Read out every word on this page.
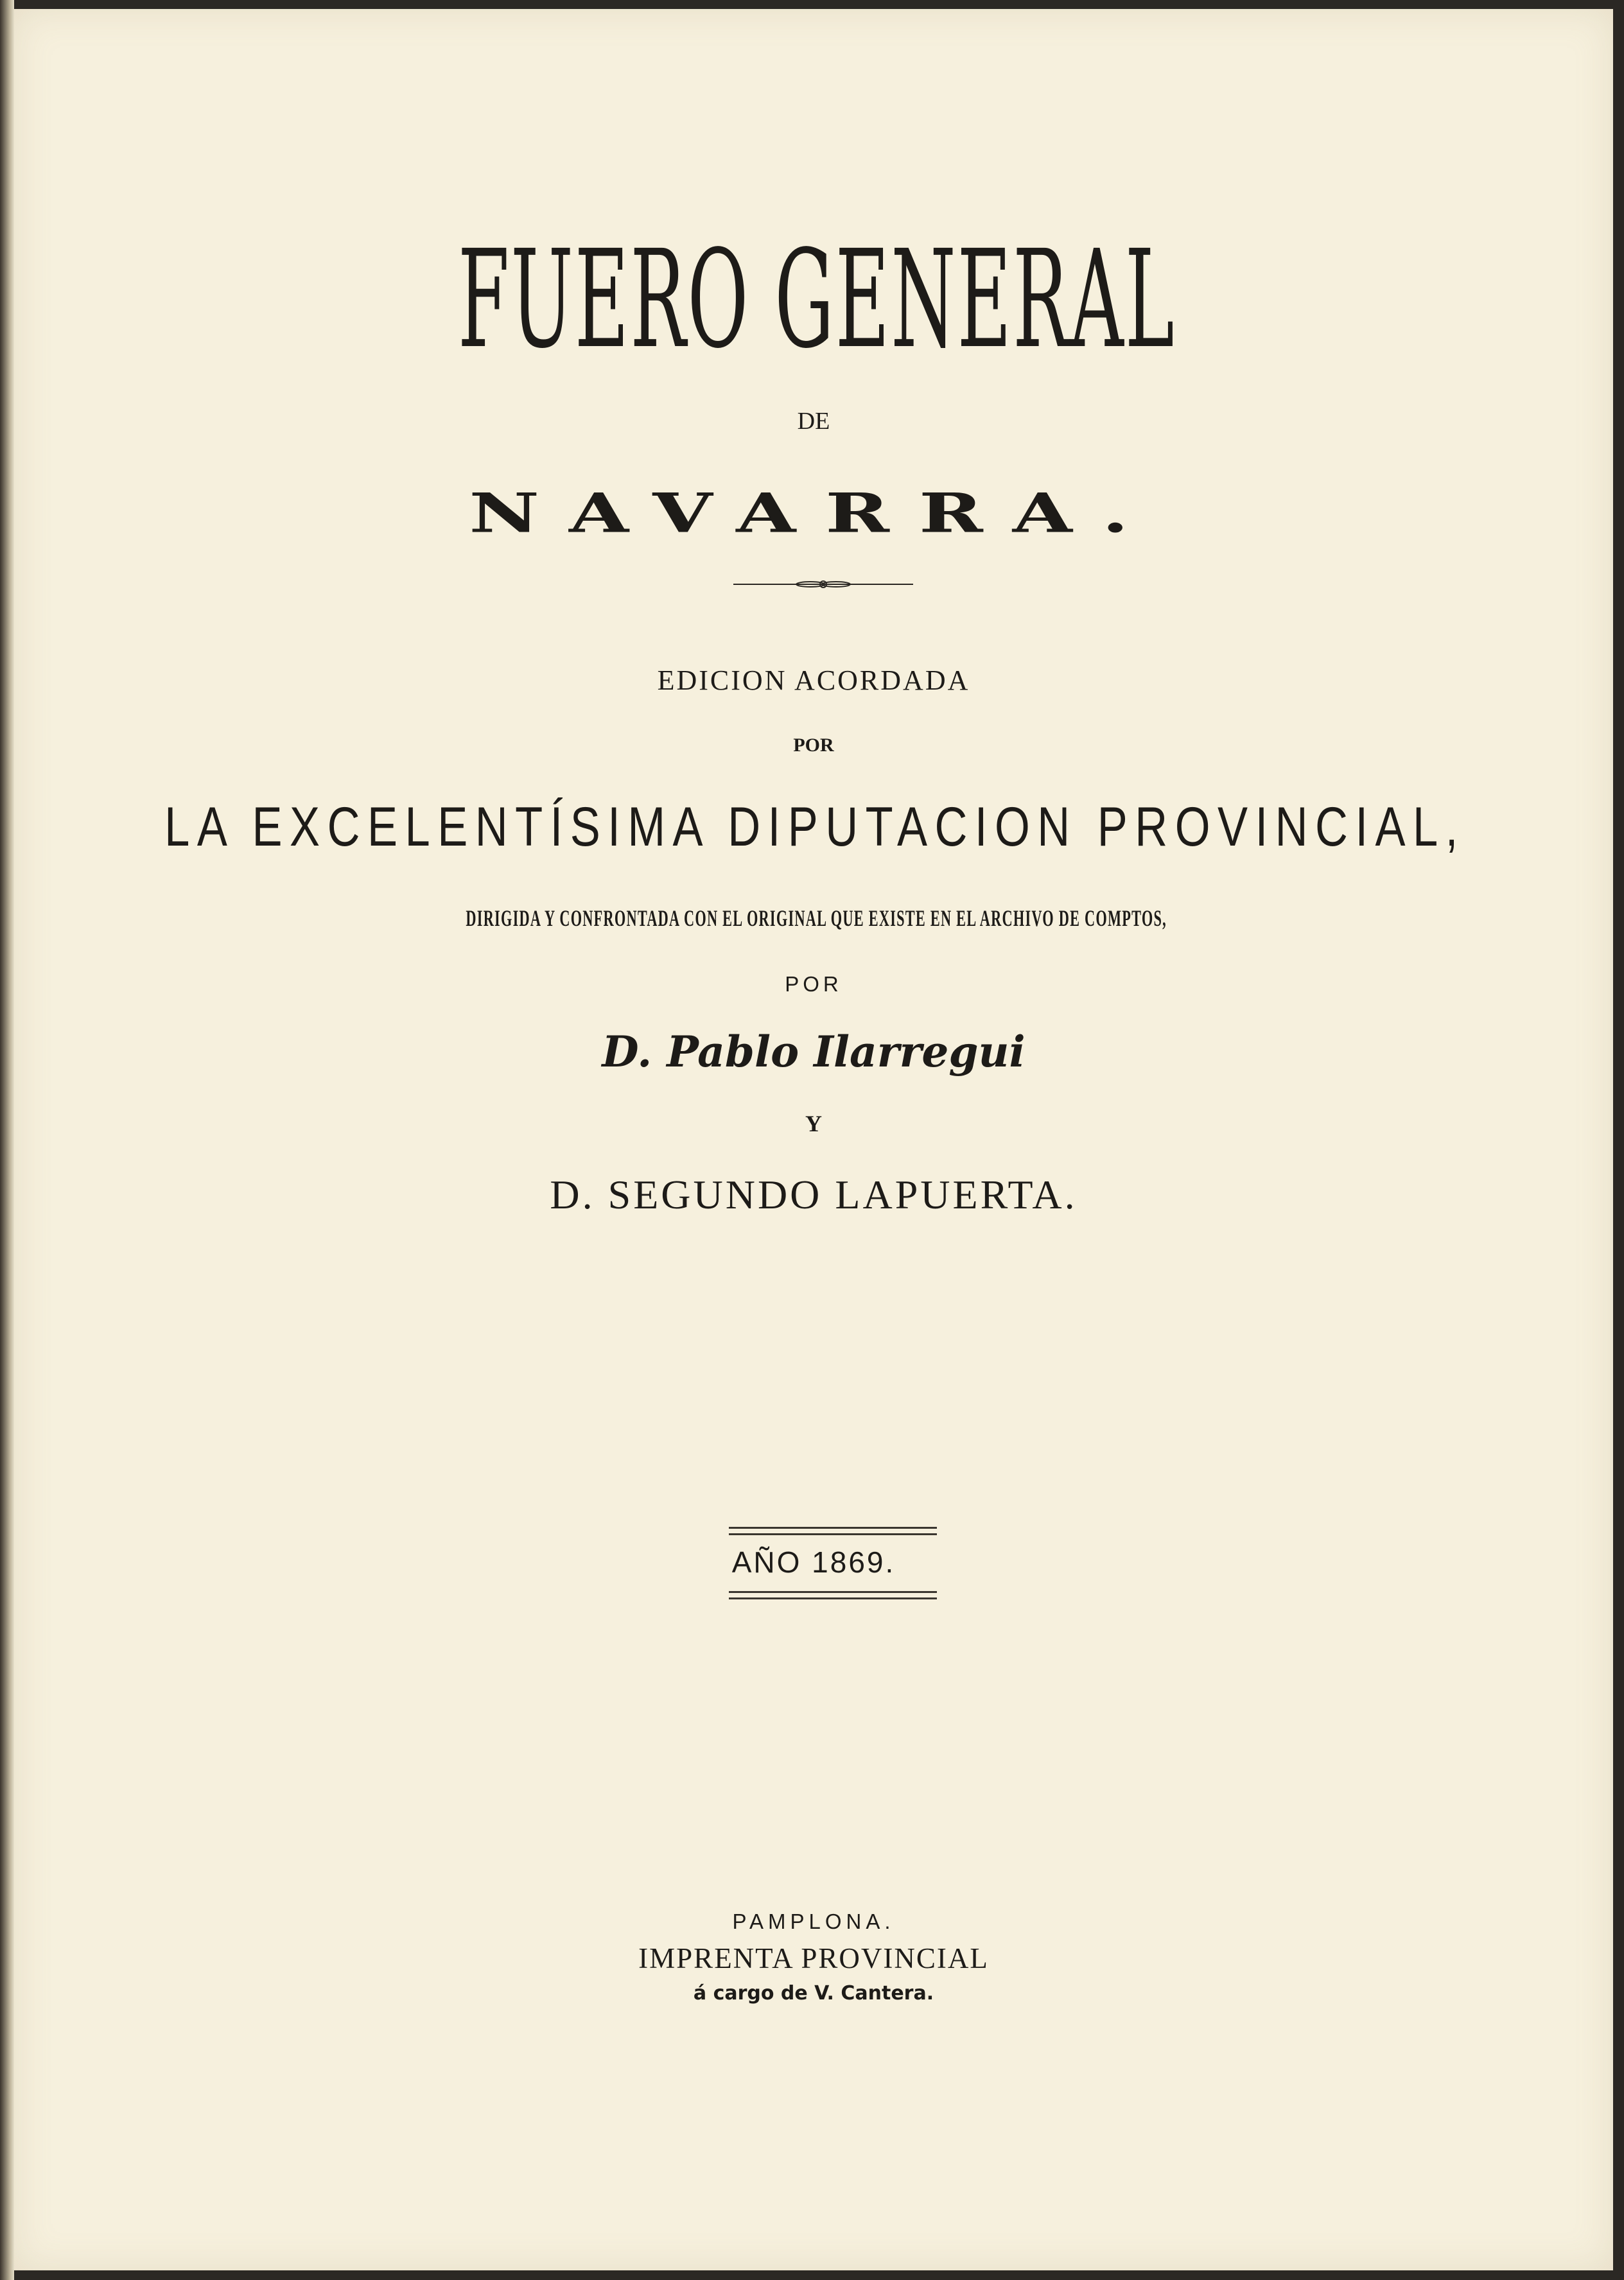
FUERO GENERAL
DE
NAVARRA.
EDICION ACORDADA
POR
LA EXCELENTÍSIMA DIPUTACION PROVINCIAL,
DIRIGIDA Y CONFRONTADA CON EL ORIGINAL QUE EXISTE EN EL ARCHIVO DE COMPTOS,
POR
D. Pablo Ilarregui
Y
D. SEGUNDO LAPUERTA.
AÑO 1869.
PAMPLONA.
IMPRENTA PROVINCIAL
á cargo de V. Cantera.
